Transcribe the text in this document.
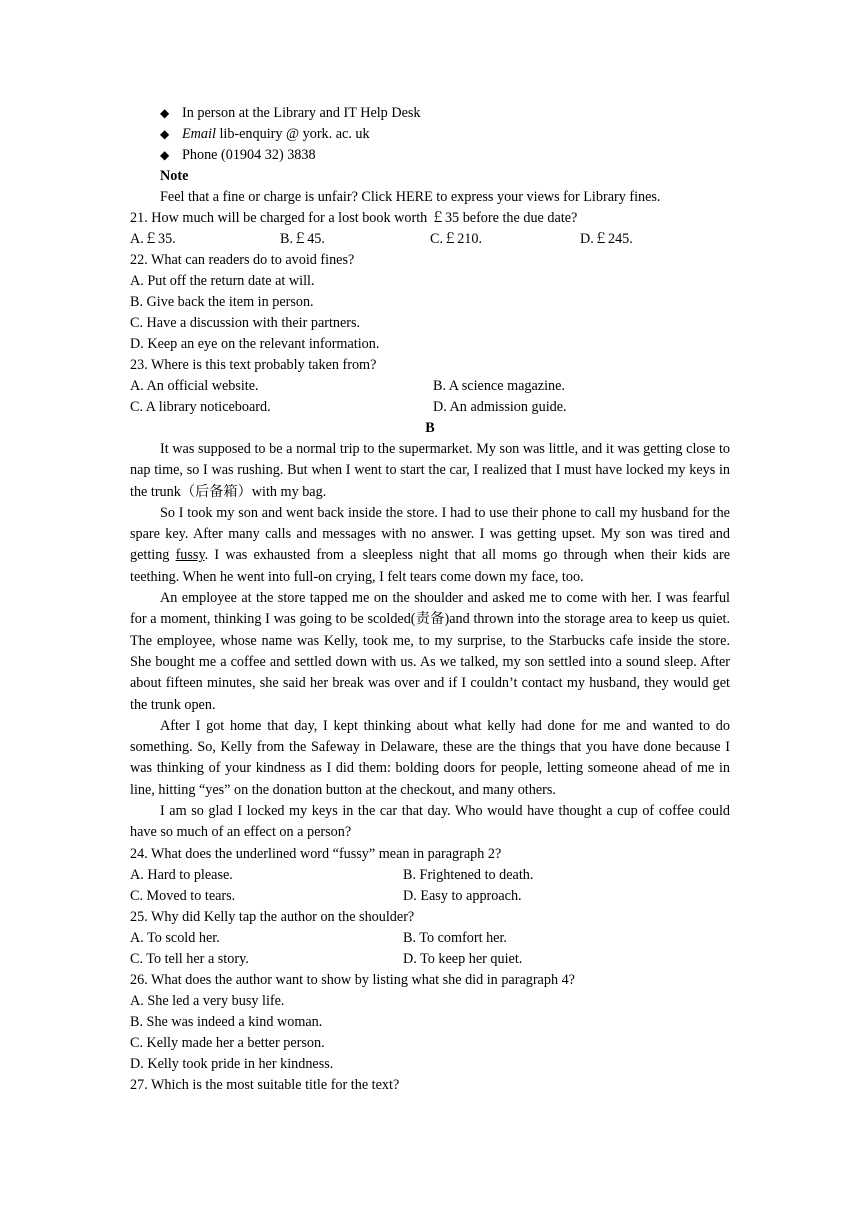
◆ In person at the Library and IT Help Desk
◆ Email lib-enquiry @ york. ac. uk
◆ Phone (01904 32) 3838
Note
Feel that a fine or charge is unfair? Click HERE to express your views for Library fines.
21. How much will be charged for a lost book worth ￡35 before the due date?
A.￡35.	B.￡45.	C.￡210.	D.￡245.
22. What can readers do to avoid fines?
A. Put off the return date at will.
B. Give back the item in person.
C. Have a discussion with their partners.
D. Keep an eye on the relevant information.
23. Where is this text probably taken from?
A. An official website.	B. A science magazine.
C. A library noticeboard.	D. An admission guide.
B

It was supposed to be a normal trip to the supermarket. My son was little, and it was getting close to nap time, so I was rushing. But when I went to start the car, I realized that I must have locked my keys in the trunk（后备箱）with my bag.

So I took my son and went back inside the store. I had to use their phone to call my husband for the spare key. After many calls and messages with no answer. I was getting upset. My son was tired and getting fussy. I was exhausted from a sleepless night that all moms go through when their kids are teething. When he went into full-on crying, I felt tears come down my face, too.

An employee at the store tapped me on the shoulder and asked me to come with her. I was fearful for a moment, thinking I was going to be scolded(责备)and thrown into the storage area to keep us quiet. The employee, whose name was Kelly, took me, to my surprise, to the Starbucks cafe inside the store. She bought me a coffee and settled down with us. As we talked, my son settled into a sound sleep. After about fifteen minutes, she said her break was over and if I couldn’t contact my husband, they would get the trunk open.

After I got home that day, I kept thinking about what kelly had done for me and wanted to do something. So, Kelly from the Safeway in Delaware, these are the things that you have done because I was thinking of your kindness as I did them: bolding doors for people, letting someone ahead of me in line, hitting “yes” on the donation button at the checkout, and many others.

I am so glad I locked my keys in the car that day. Who would have thought a cup of coffee could have so much of an effect on a person?

24. What does the underlined word “fussy” mean in paragraph 2?
A. Hard to please.	B. Frightened to death.
C. Moved to tears.	D. Easy to approach.
25. Why did Kelly tap the author on the shoulder?
A. To scold her.	B. To comfort her.
C. To tell her a story.	D. To keep her quiet.
26. What does the author want to show by listing what she did in paragraph 4?
A. She led a very busy life.
B. She was indeed a kind woman.
C. Kelly made her a better person.
D. Kelly took pride in her kindness.
27. Which is the most suitable title for the text?
